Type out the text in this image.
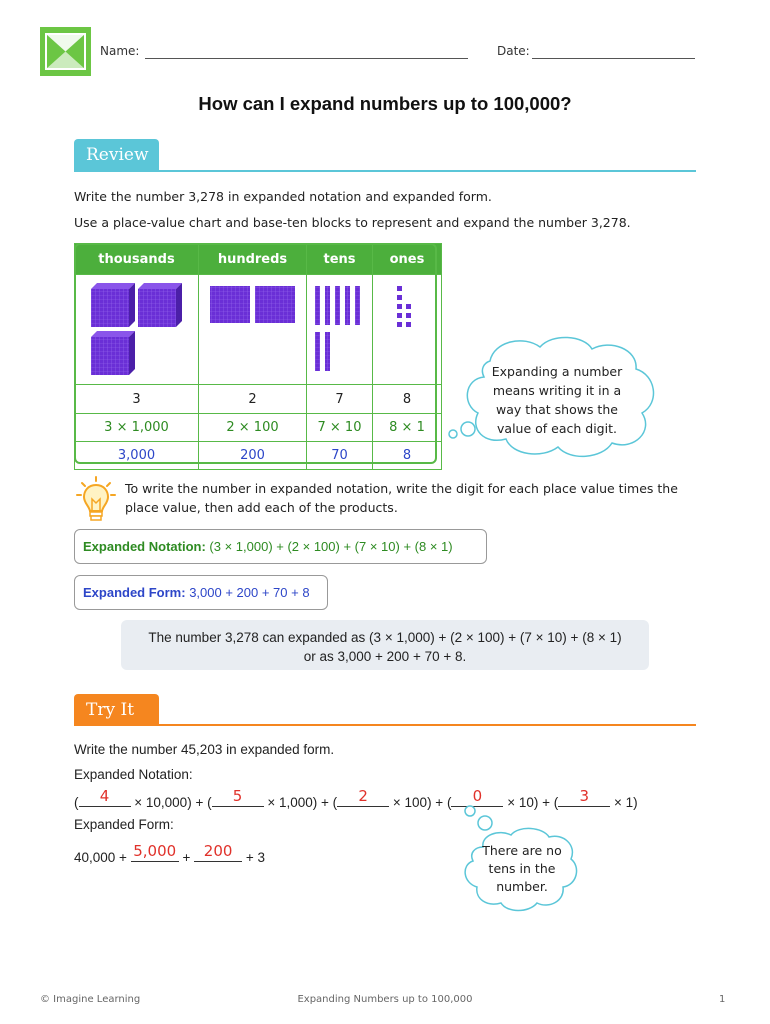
Name:	Date:
How can I expand numbers up to 100,000?
Review
Write the number 3,278 in expanded notation and expanded form.
Use a place-value chart and base-ten blocks to represent and expand the number 3,278.
thousands	hundreds	tens	ones

3	2	7	8
3 × 1,000	2 × 100	7 × 10	8 × 1
3,000	200	70	8
Expanding a number means writing it in a way that shows the value of each digit.
To write the number in expanded notation, write the digit for each place value times the place value, then add each of the products.
Expanded Notation: (3 × 1,000) + (2 × 100) + (7 × 10) + (8 × 1)
Expanded Form: 3,000 + 200 + 70 + 8
The number 3,278 can expanded as (3 × 1,000) + (2 × 100) + (7 × 10) + (8 × 1)
or as 3,000 + 200 + 70 + 8.
Try It
Write the number 45,203 in expanded form.
Expanded Notation:
(	4	× 10,000) + (	5	× 1,000) + (	2	× 100) + (	0	× 10) + (	3	× 1)
Expanded Form:
40,000 + 5,000 + 200 + 3	There are no tens in the number.
© Imagine Learning	Expanding Numbers up to 100,000	1
